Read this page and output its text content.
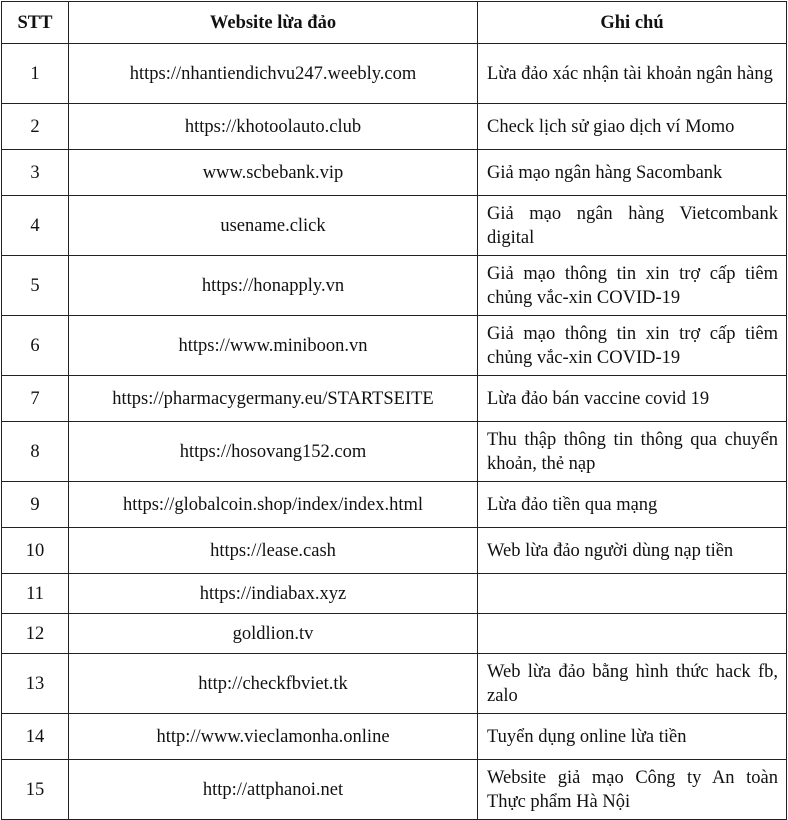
STT	Website lừa đảo	Ghi chú
1	https://nhantiendichvu247.weebly.com	Lừa đảo xác nhận tài khoản ngân hàng
2	https://khotoolauto.club	Check lịch sử giao dịch ví Momo
3	www.scbebank.vip	Giả mạo ngân hàng Sacombank
4	usename.click	Giả mạo ngân hàng Vietcombank digital
5	https://honapply.vn	Giả mạo thông tin xin trợ cấp tiêm chủng vắc-xin COVID-19
6	https://www.miniboon.vn	Giả mạo thông tin xin trợ cấp tiêm chủng vắc-xin COVID-19
7	https://pharmacygermany.eu/STARTSEITE	Lừa đảo bán vaccine covid 19
8	https://hosovang152.com	Thu thập thông tin thông qua chuyển khoản, thẻ nạp
9	https://globalcoin.shop/index/index.html	Lừa đảo tiền qua mạng
10	https://lease.cash	Web lừa đảo người dùng nạp tiền
11	https://indiabax.xyz	
12	goldlion.tv	
13	http://checkfbviet.tk	Web lừa đảo bằng hình thức hack fb, zalo
14	http://www.vieclamonha.online	Tuyển dụng online lừa tiền
15	http://attphanoi.net	Website giả mạo Công ty An toàn Thực phẩm Hà Nội
